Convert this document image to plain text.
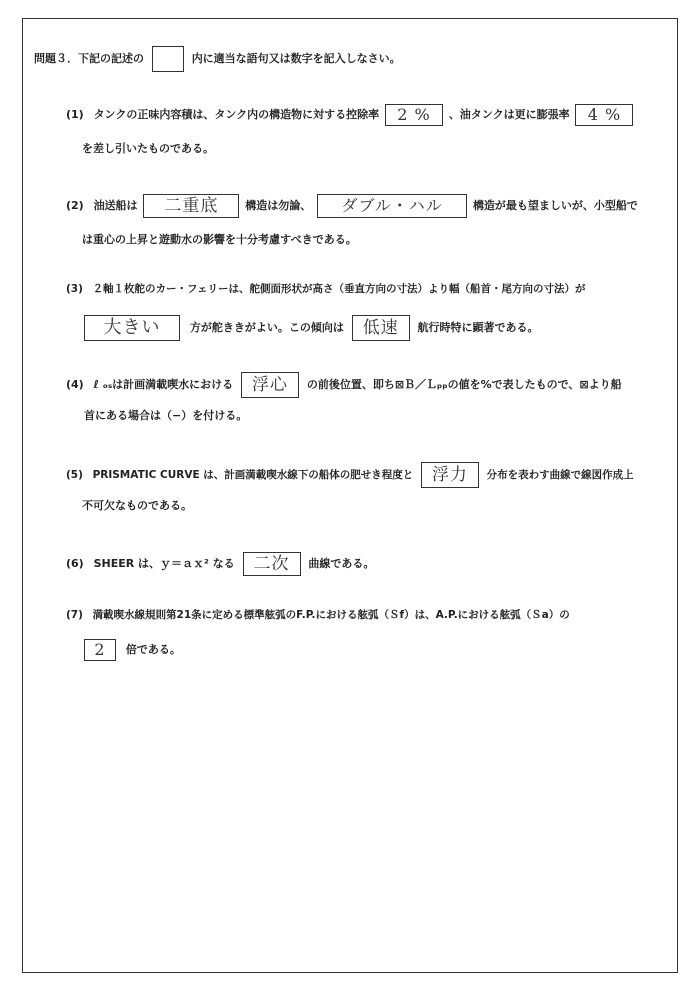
問題３．下記の記述の	内に適当な語句又は数字を記入しなさい。
(1) タンクの正味内容積は、タンク内の構造物に対する控除率 2 % 、油タンクは更に膨張率 4 %
を差し引いたものである。
(2) 油送船は 二重底 構造は勿論、 ダブル・ハル	構造が最も望ましいが、小型船で
は重心の上昇と遊動水の影響を十分考慮すべきである。
(3) ２軸１枚舵のカー・フェリーは、舵側面形状が高さ（垂直方向の寸法）より幅（船首・尾方向の寸法）が
大きい	方が舵ききがよい。この傾向は 低速 航行時特に顕著である。
(4) ℓ ₒₛは計画満載喫水における 浮心 の前後位置、即ち⊠Ｂ／Ｌₚₚの値を%で表したもので、⊠より船
首にある場合は（−）を付ける。
(5) PRISMATIC CURVE は、計画満載喫水線下の船体の肥せき程度と 浮力 分布を表わす曲線で線図作成上
不可欠なものである。
(6) SHEER は、ｙ＝ａｘ² なる 二次 曲線である。
(7) 満載喫水線規則第21条に定める標準舷弧のF.P.における舷弧（Ｓf）は、A.P.における舷弧（Ｓa）の
2 倍である。
